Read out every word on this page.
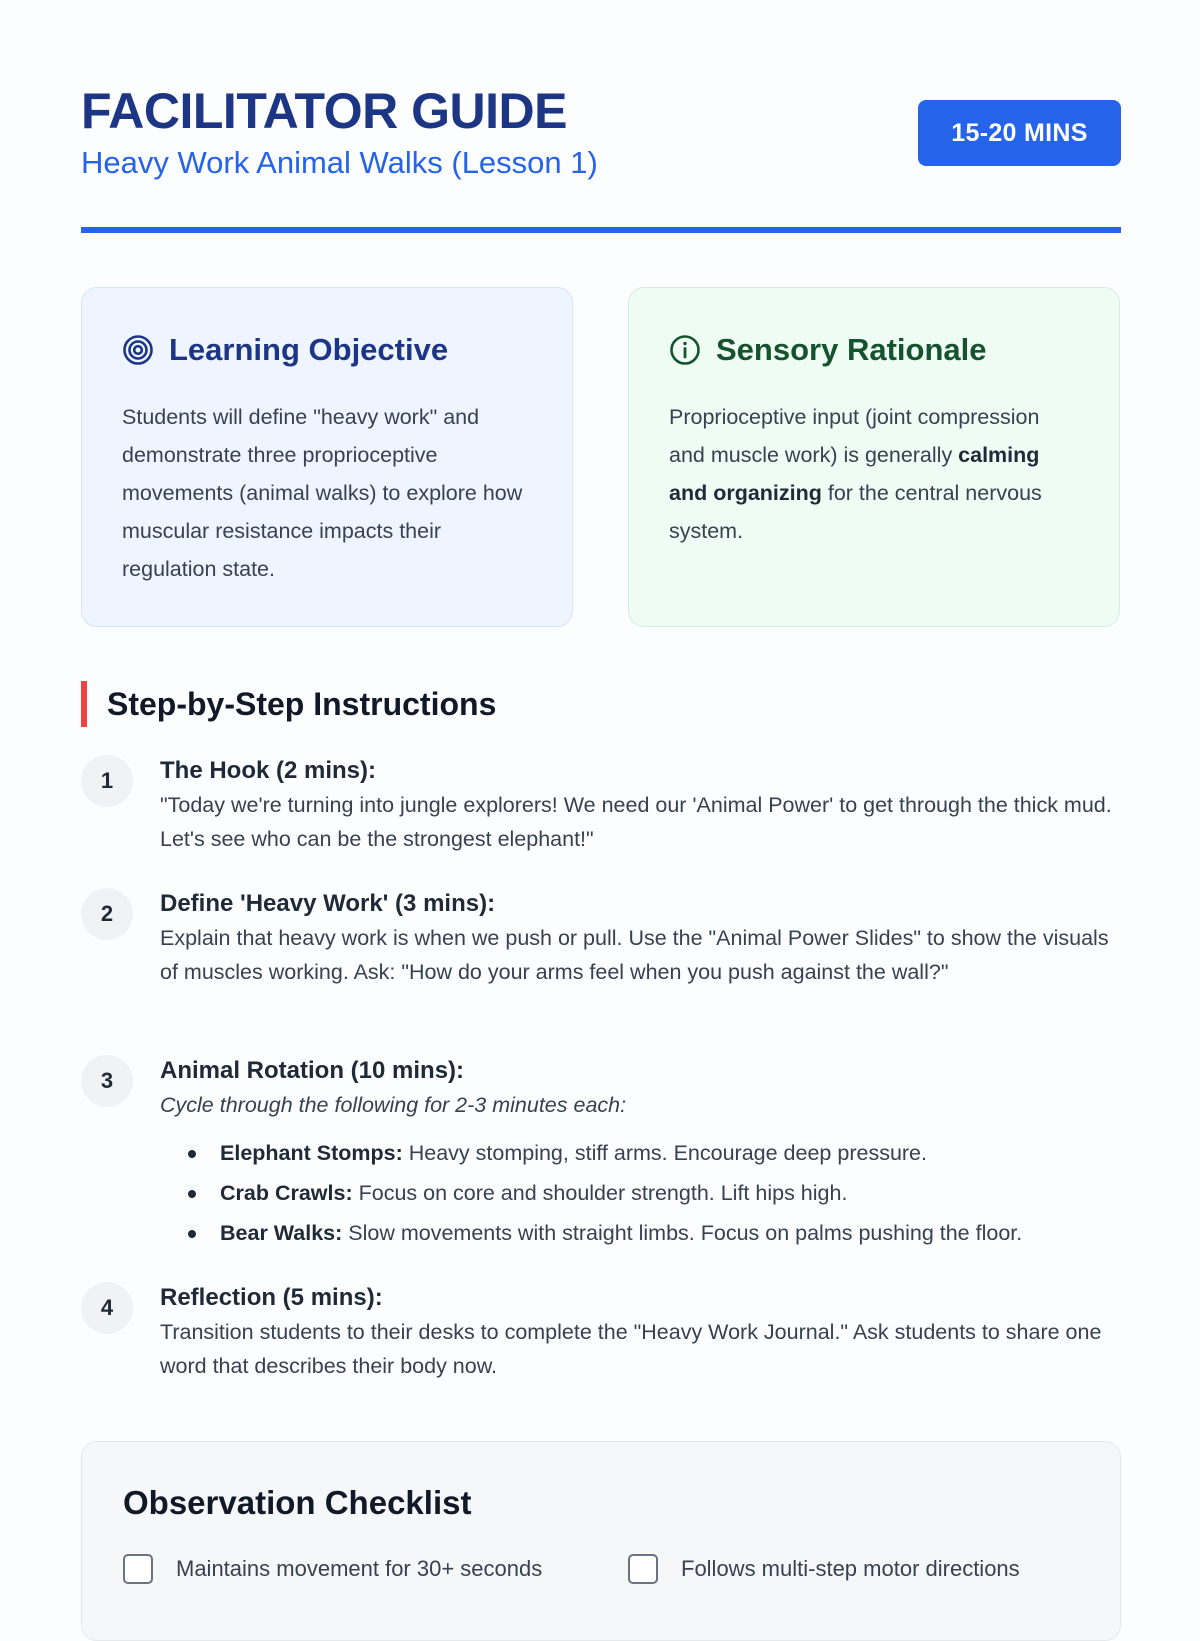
FACILITATOR GUIDE
Heavy Work Animal Walks (Lesson 1)
15-20 MINS
Learning Objective
Students will define "heavy work" and demonstrate three proprioceptive movements (animal walks) to explore how muscular resistance impacts their regulation state.
Sensory Rationale
Proprioceptive input (joint compression and muscle work) is generally calming and organizing for the central nervous system.
Step-by-Step Instructions
1	The Hook (2 mins):
"Today we're turning into jungle explorers! We need our 'Animal Power' to get through the thick mud. Let's see who can be the strongest elephant!"
2	Define 'Heavy Work' (3 mins):
Explain that heavy work is when we push or pull. Use the "Animal Power Slides" to show the visuals of muscles working. Ask: "How do your arms feel when you push against the wall?"
3	Animal Rotation (10 mins):
Cycle through the following for 2-3 minutes each:
Elephant Stomps: Heavy stomping, stiff arms. Encourage deep pressure.
Crab Crawls: Focus on core and shoulder strength. Lift hips high.
Bear Walks: Slow movements with straight limbs. Focus on palms pushing the floor.
4	Reflection (5 mins):
Transition students to their desks to complete the "Heavy Work Journal." Ask students to share one word that describes their body now.
Observation Checklist
Maintains movement for 30+ seconds	Follows multi-step motor directions
